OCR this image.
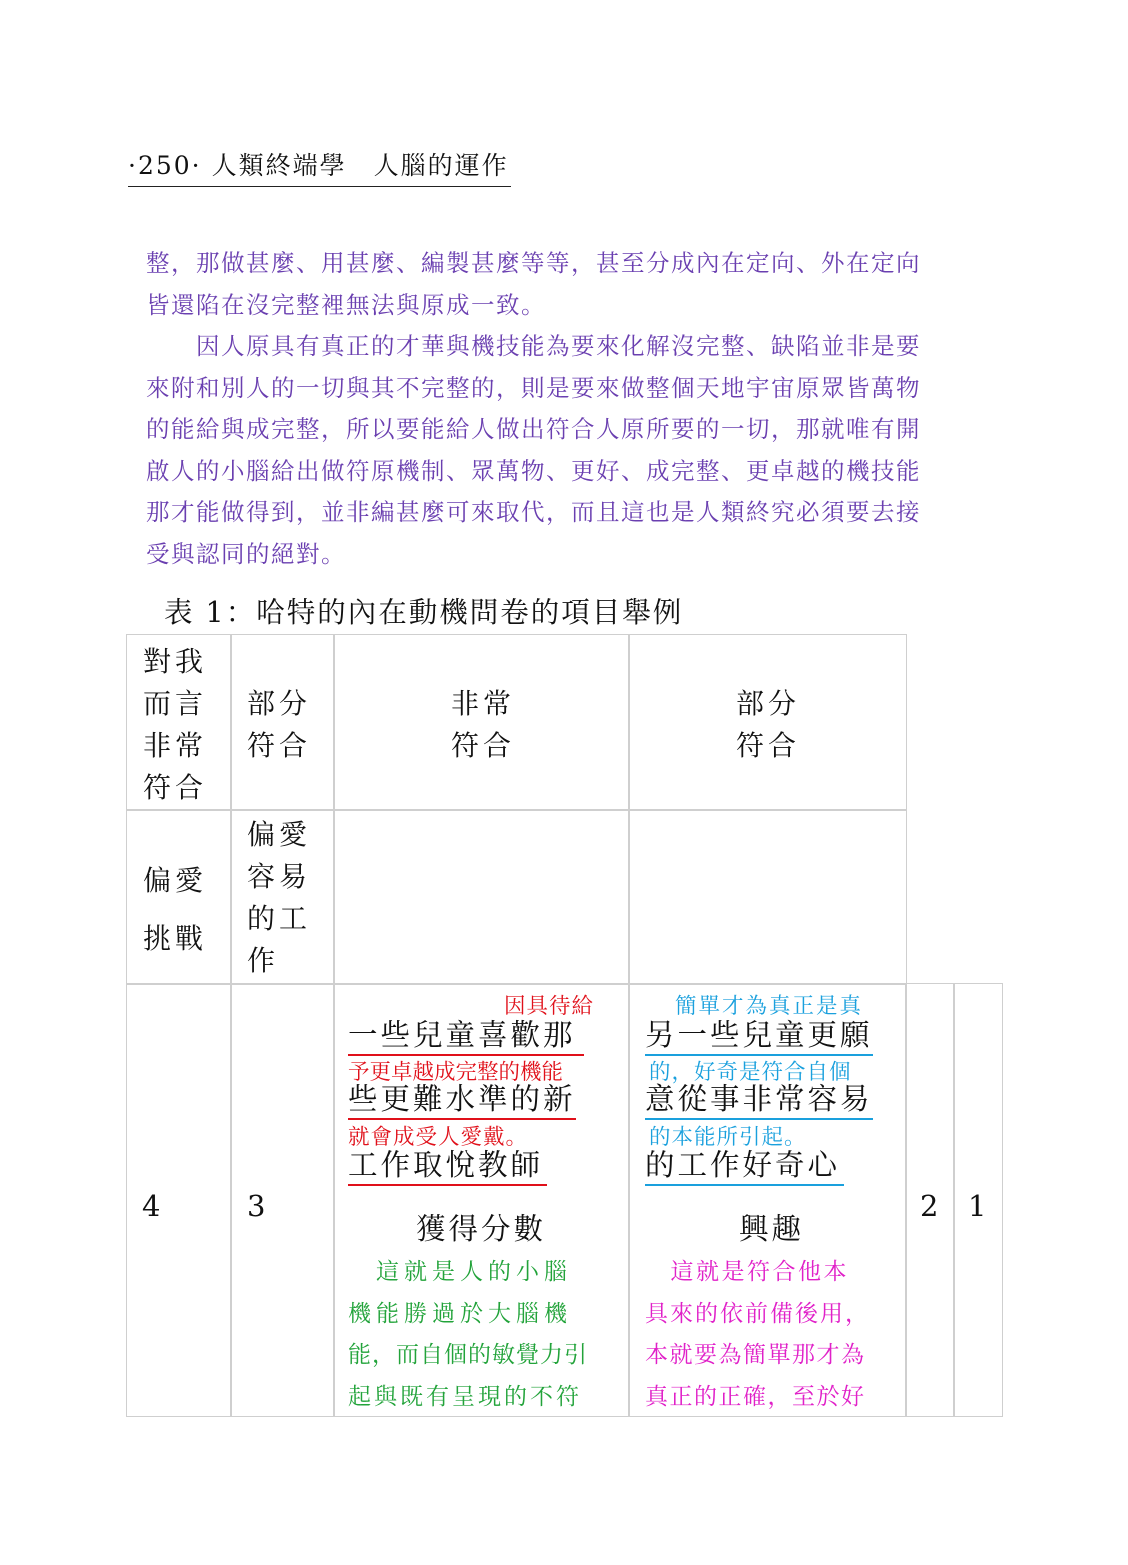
·250· 人類終端學　人腦的運作
整，那做甚麼、用甚麼、編製甚麼等等，甚至分成內在定向、外在定向
皆還陷在沒完整裡無法與原成一致。
　　因人原具有真正的才華與機技能為要來化解沒完整、缺陷並非是要
來附和別人的一切與其不完整的，則是要來做整個天地宇宙原眾皆萬物
的能給與成完整，所以要能給人做出符合人原所要的一切，那就唯有開
啟人的小腦給出做符原機制、眾萬物、更好、成完整、更卓越的機技能
那才能做得到，並非編甚麼可來取代，而且這也是人類終究必須要去接
受與認同的絕對。
表 1：哈特的內在動機問卷的項目舉例
對我
而言
非常
符合
部分
符合
非常
符合
部分
符合
偏愛
挑戰
偏愛
容易
的工
作
4	3
因具待給
一些兒童喜歡那
予更卓越成完整的機能
些更難水準的新
就會成受人愛戴。
工作取悅教師
獲得分數
　這就是人的小腦
機能勝過於大腦機
能，而自個的敏覺力引
起與既有呈現的不符
簡單才為真正是真
另一些兒童更願
的，好奇是符合自個
意從事非常容易
的本能所引起。
的工作好奇心
興趣
　這就是符合他本
具來的依前備後用，
本就要為簡單那才為
真正的正確，至於好
2 1
